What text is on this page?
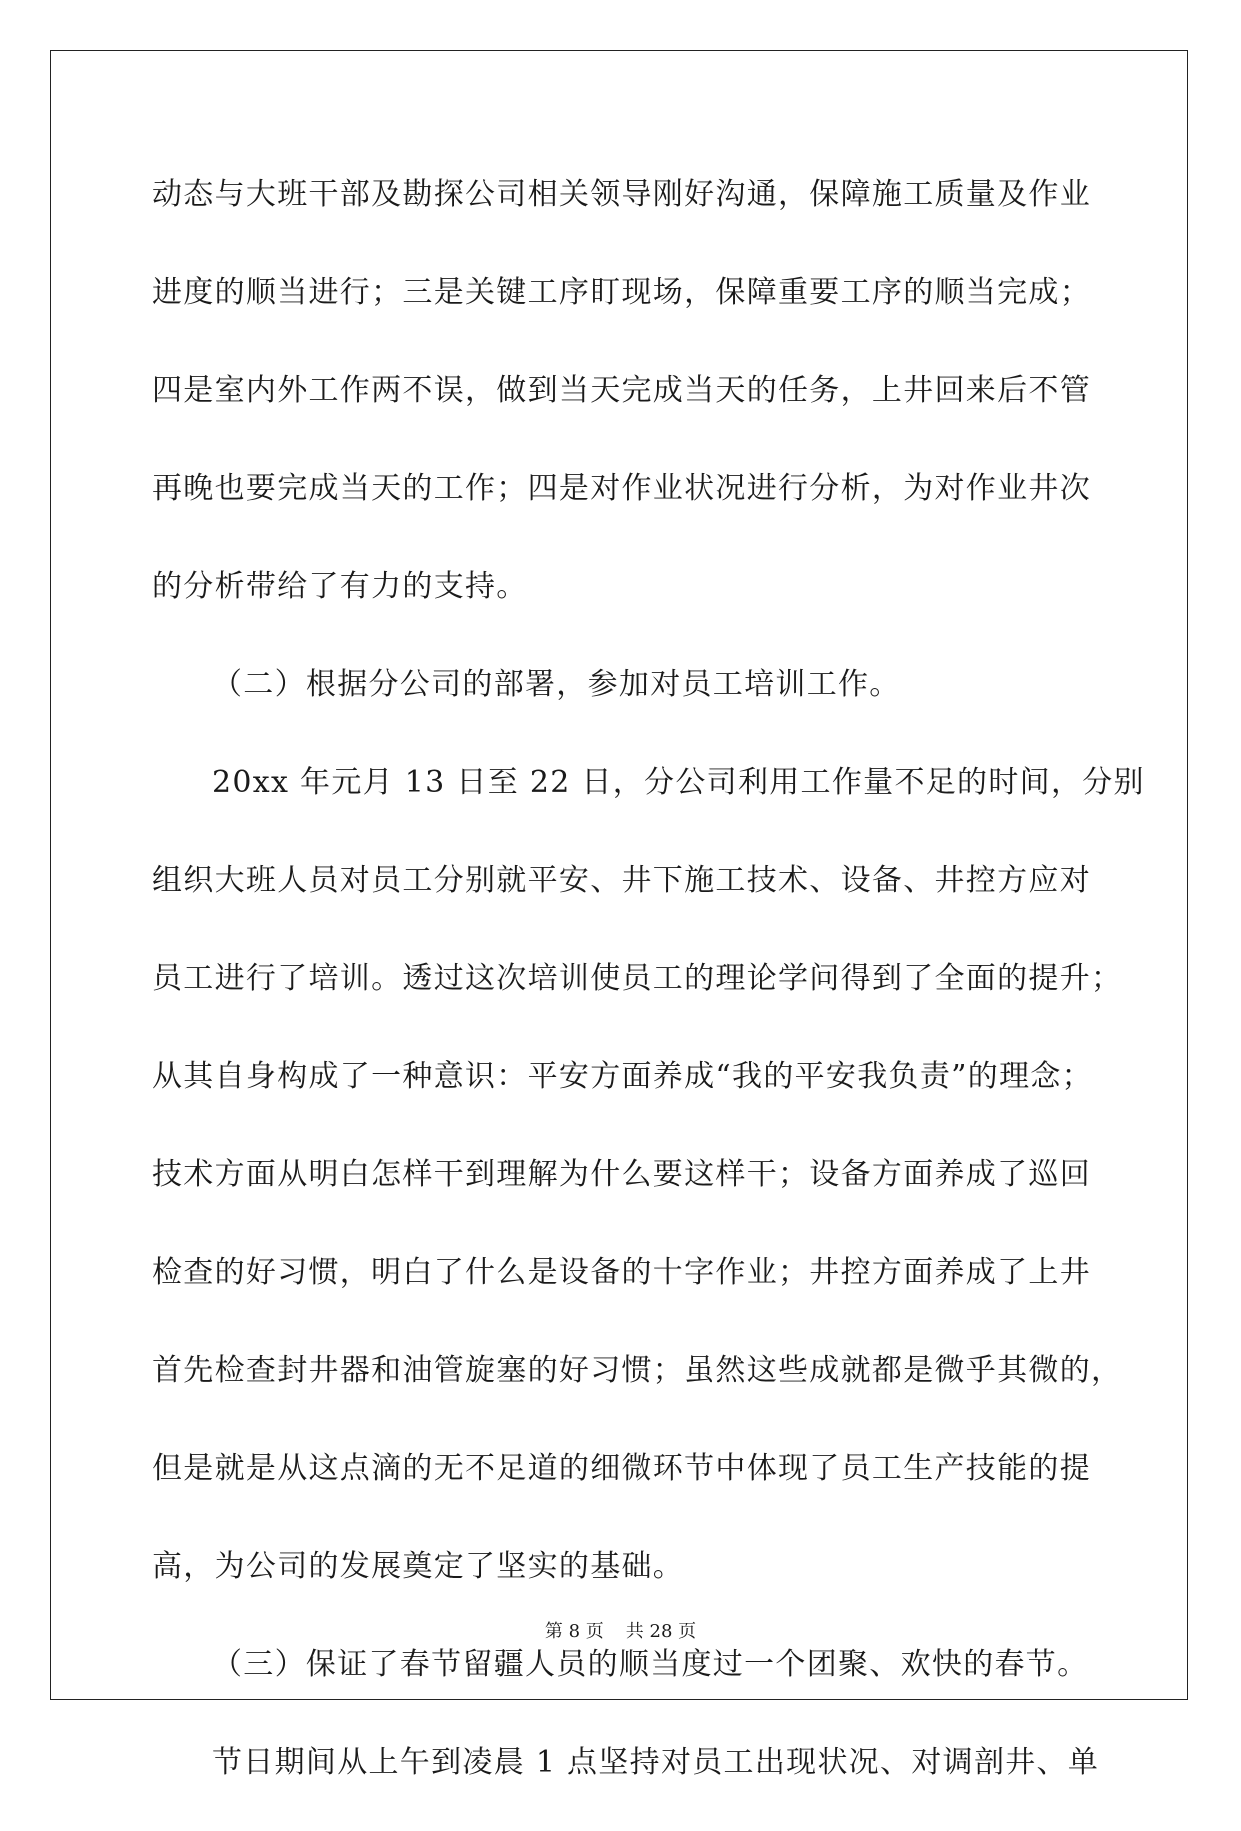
动态与大班干部及勘探公司相关领导刚好沟通，保障施工质量及作业
进度的顺当进行；三是关键工序盯现场，保障重要工序的顺当完成；
四是室内外工作两不误，做到当天完成当天的任务，上井回来后不管
再晚也要完成当天的工作；四是对作业状况进行分析，为对作业井次
的分析带给了有力的支持。
（二）根据分公司的部署，参加对员工培训工作。
20xx 年元月 13 日至 22 日，分公司利用工作量不足的时间，分别
组织大班人员对员工分别就平安、井下施工技术、设备、井控方应对
员工进行了培训。透过这次培训使员工的理论学问得到了全面的提升；
从其自身构成了一种意识：平安方面养成“我的平安我负责”的理念；
技术方面从明白怎样干到理解为什么要这样干；设备方面养成了巡回
检查的好习惯，明白了什么是设备的十字作业；井控方面养成了上井
首先检查封井器和油管旋塞的好习惯；虽然这些成就都是微乎其微的，
但是就是从这点滴的无不足道的细微环节中体现了员工生产技能的提
高，为公司的发展奠定了坚实的基础。
（三）保证了春节留疆人员的顺当度过一个团聚、欢快的春节。
节日期间从上午到凌晨 1 点坚持对员工出现状况、对调剖井、单
第 8 页 共 28 页
